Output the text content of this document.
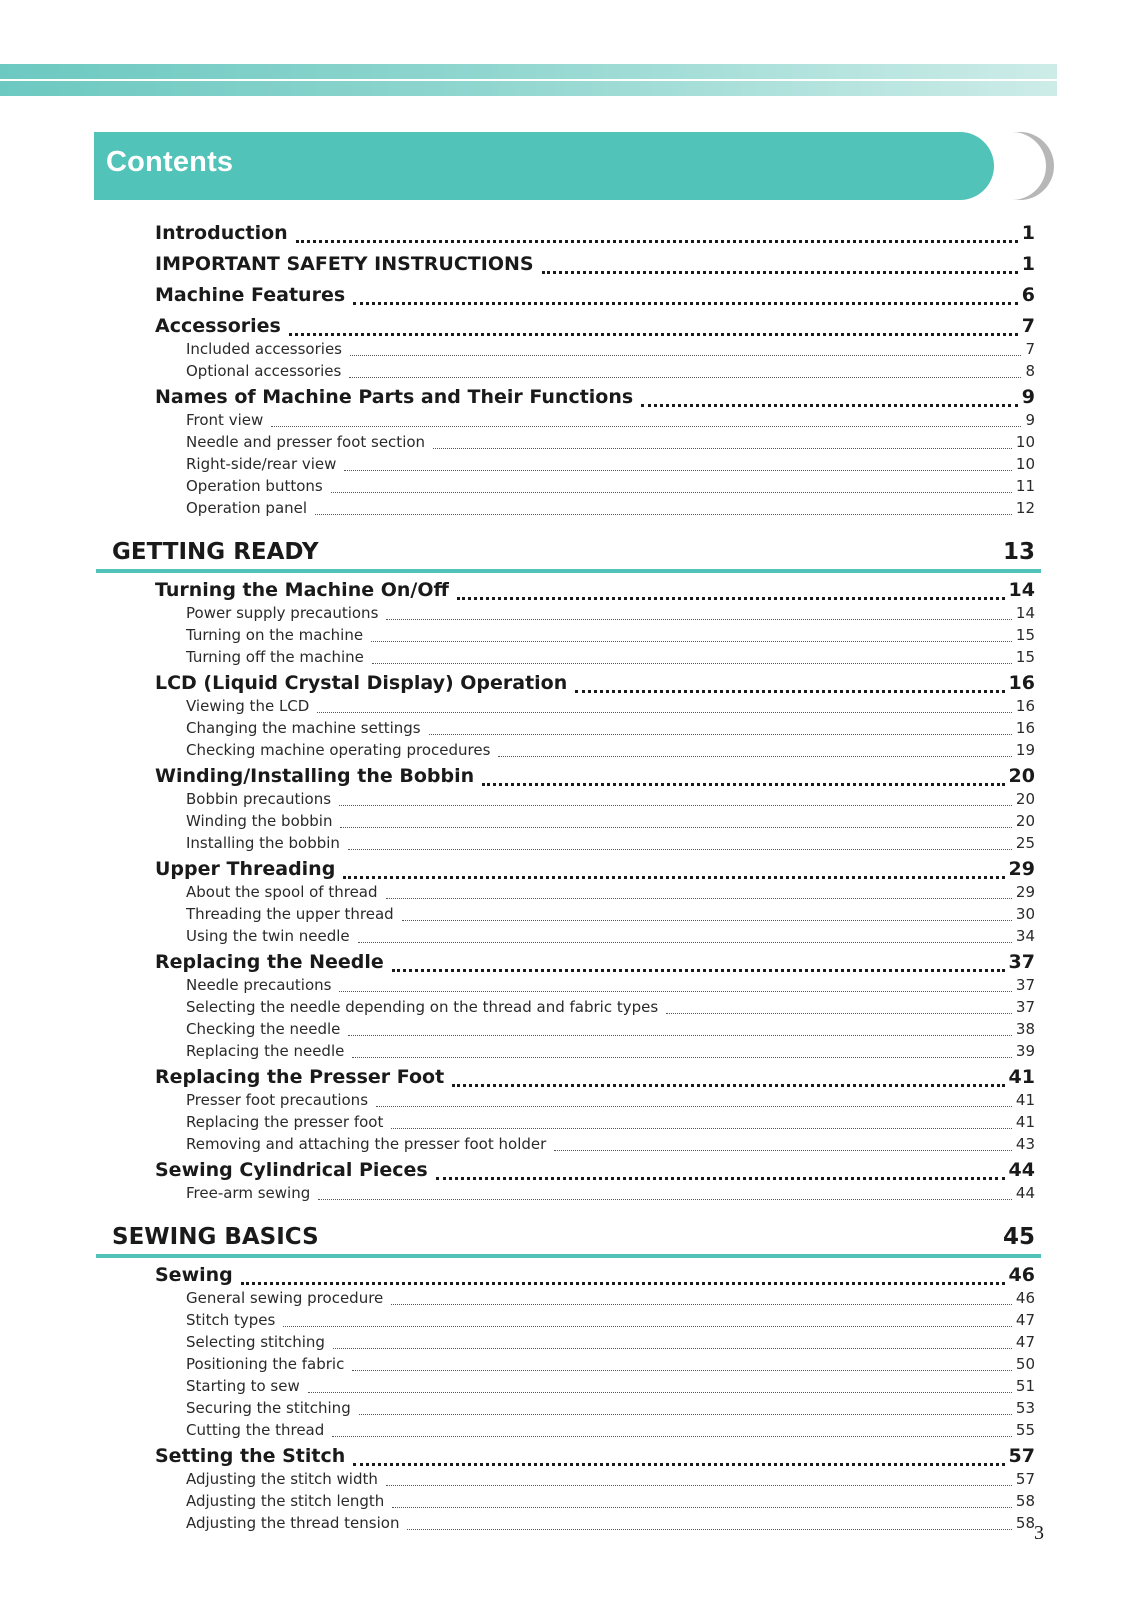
Contents
Introduction	1
IMPORTANT SAFETY INSTRUCTIONS	1
Machine Features	6
Accessories	7
Included accessories	7
Optional accessories	8
Names of Machine Parts and Their Functions	9
Front view	9
Needle and presser foot section	10
Right-side/rear view	10
Operation buttons	11
Operation panel	12
GETTING READY	13
Turning the Machine On/Off	14
Power supply precautions	14
Turning on the machine	15
Turning off the machine	15
LCD (Liquid Crystal Display) Operation	16
Viewing the LCD	16
Changing the machine settings	16
Checking machine operating procedures	19
Winding/Installing the Bobbin	20
Bobbin precautions	20
Winding the bobbin	20
Installing the bobbin	25
Upper Threading	29
About the spool of thread	29
Threading the upper thread	30
Using the twin needle	34
Replacing the Needle	37
Needle precautions	37
Selecting the needle depending on the thread and fabric types	37
Checking the needle	38
Replacing the needle	39
Replacing the Presser Foot	41
Presser foot precautions	41
Replacing the presser foot	41
Removing and attaching the presser foot holder	43
Sewing Cylindrical Pieces	44
Free-arm sewing	44
SEWING BASICS	45
Sewing	46
General sewing procedure	46
Stitch types	47
Selecting stitching	47
Positioning the fabric	50
Starting to sew	51
Securing the stitching	53
Cutting the thread	55
Setting the Stitch	57
Adjusting the stitch width	57
Adjusting the stitch length	58
Adjusting the thread tension	58 3
